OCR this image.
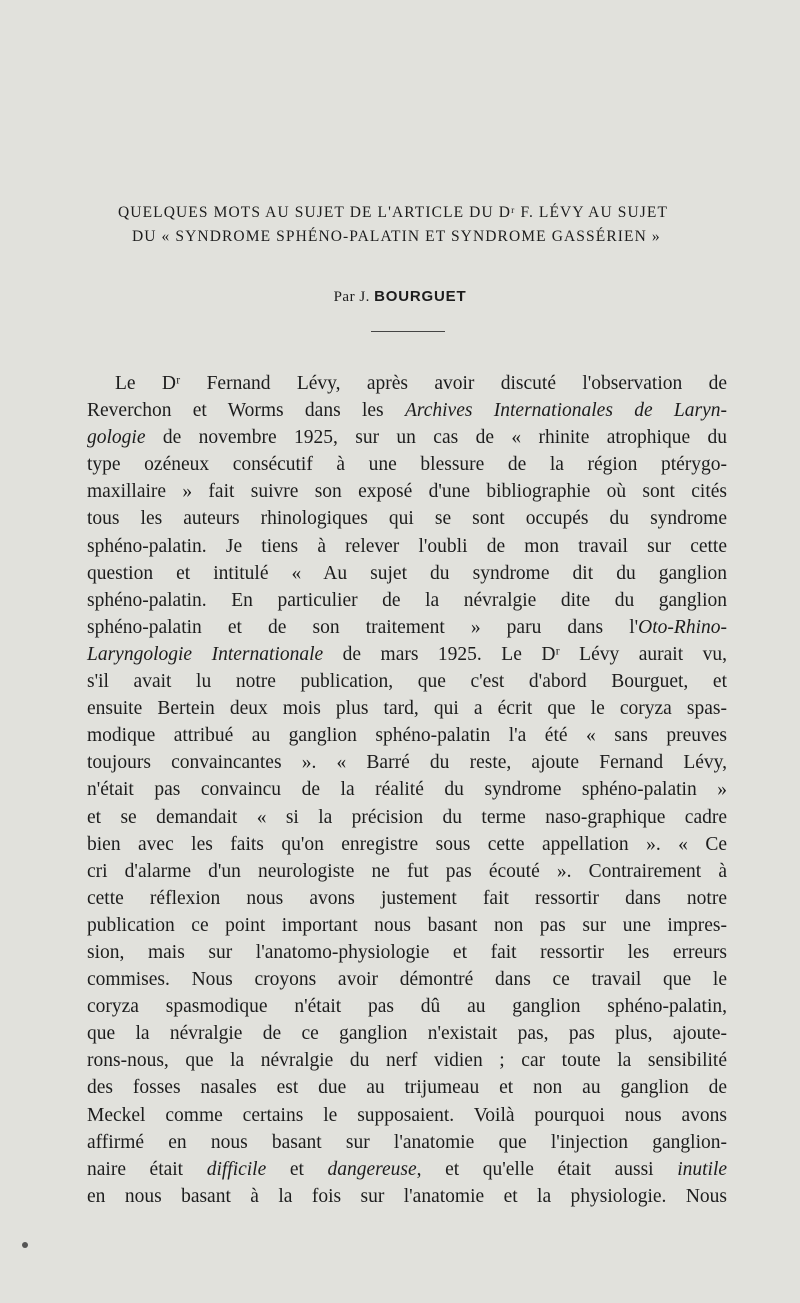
QUELQUES MOTS AU SUJET DE L'ARTICLE DU Dʳ F. LÉVY AU SUJET
DU « SYNDROME SPHÉNO-PALATIN ET SYNDROME GASSÉRIEN »
Par J. BOURGUET
Le Dʳ Fernand Lévy, après avoir discuté l'observation de
Reverchon et Worms dans les Archives Internationales de Laryn-
gologie de novembre 1925, sur un cas de « rhinite atrophique du
type ozéneux consécutif à une blessure de la région ptérygo-
maxillaire » fait suivre son exposé d'une bibliographie où sont cités
tous les auteurs rhinologiques qui se sont occupés du syndrome
sphéno-palatin. Je tiens à relever l'oubli de mon travail sur cette
question et intitulé « Au sujet du syndrome dit du ganglion
sphéno-palatin. En particulier de la névralgie dite du ganglion
sphéno-palatin et de son traitement » paru dans l'Oto-Rhino-
Laryngologie Internationale de mars 1925. Le Dʳ Lévy aurait vu,
s'il avait lu notre publication, que c'est d'abord Bourguet, et
ensuite Bertein deux mois plus tard, qui a écrit que le coryza spas-
modique attribué au ganglion sphéno-palatin l'a été « sans preuves
toujours convaincantes ». « Barré du reste, ajoute Fernand Lévy,
n'était pas convaincu de la réalité du syndrome sphéno-palatin »
et se demandait « si la précision du terme naso-graphique cadre
bien avec les faits qu'on enregistre sous cette appellation ». « Ce
cri d'alarme d'un neurologiste ne fut pas écouté ». Contrairement à
cette réflexion nous avons justement fait ressortir dans notre
publication ce point important nous basant non pas sur une impres-
sion, mais sur l'anatomo-physiologie et fait ressortir les erreurs
commises. Nous croyons avoir démontré dans ce travail que le
coryza spasmodique n'était pas dû au ganglion sphéno-palatin,
que la névralgie de ce ganglion n'existait pas, pas plus, ajoute-
rons-nous, que la névralgie du nerf vidien ; car toute la sensibilité
des fosses nasales est due au trijumeau et non au ganglion de
Meckel comme certains le supposaient. Voilà pourquoi nous avons
affirmé en nous basant sur l'anatomie que l'injection ganglion-
naire était difficile et dangereuse, et qu'elle était aussi inutile
en nous basant à la fois sur l'anatomie et la physiologie. Nous
